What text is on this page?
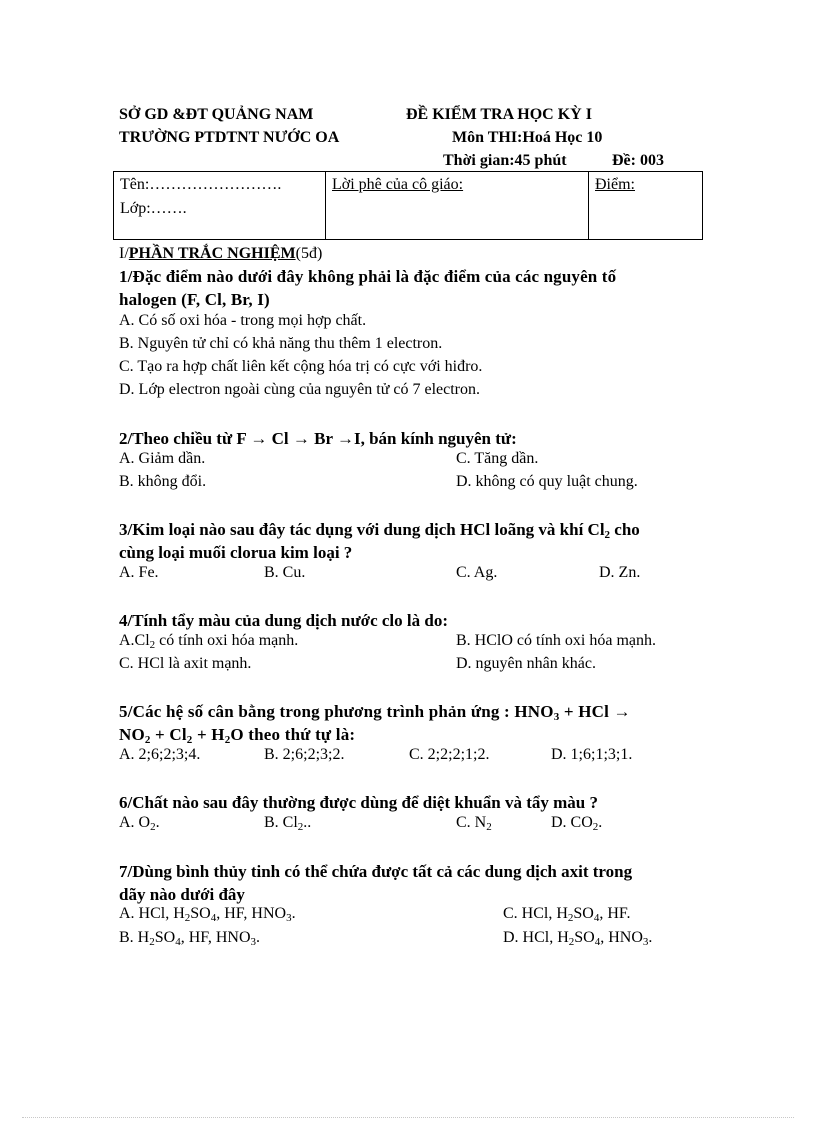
SỞ GD &ĐT QUẢNG NAM
TRƯỜNG PTDTNT NƯỚC OA
ĐỀ KIỂM TRA HỌC KỲ I
Môn THI:Hoá Học 10
Thời gian:45 phút	Đề: 003
Tên:…………………….
Lớp:…….
Lời phê của cô giáo:	Điểm:
I/PHẦN TRẮC NGHIỆM(5đ)
1/Đặc điểm nào dưới đây không phải là đặc điểm của các nguyên tố
halogen (F, Cl, Br, I)
A. Có số oxi hóa - trong mọi hợp chất.
B. Nguyên tử chỉ có khả năng thu thêm 1 electron.
C. Tạo ra hợp chất liên kết cộng hóa trị có cực với hiđro.
D. Lớp electron ngoài cùng của nguyên tử có 7 electron.
2/Theo chiều từ F → Cl → Br →I, bán kính nguyên tử:
A. Giảm dần.	C. Tăng dần.
B. không đổi.	D. không có quy luật chung.
3/Kim loại nào sau đây tác dụng với dung dịch HCl loãng và khí $Cl_2$ cho
cùng loại muối clorua kim loại ?
A. Fe.	B. Cu.	C. Ag.	D. Zn.
4/Tính tẩy màu của dung dịch nước clo là do:
$A.Cl_2$ có tính oxi hóa mạnh.	B. HClO có tính oxi hóa mạnh.
C. HCl là axit mạnh.	D. nguyên nhân khác.
5/Các hệ số cân bằng trong phương trình phản ứng : $HNO_3$ + HCl →
$NO_2 + Cl_2 + H_2O$ theo thứ tự là:
A. 2;6;2;3;4.	B. 2;6;2;3;2.	C. 2;2;2;1;2.	D. 1;6;1;3;1.
6/Chất nào sau đây thường được dùng để diệt khuẩn và tẩy màu ?
A. $O_2$.	B. $Cl_2$..	C. $N_2$	D. $CO_2$.
7/Dùng bình thủy tinh có thể chứa được tất cả các dung dịch axit trong
dãy nào dưới đây
A. HCl, $H_2SO_4$, HF, $HNO_3$.	C. HCl, $H_2SO_4$, HF.
B. $H_2SO_4$, HF, $HNO_3$.	D. HCl, $H_2SO_4$, $HNO_3$.
